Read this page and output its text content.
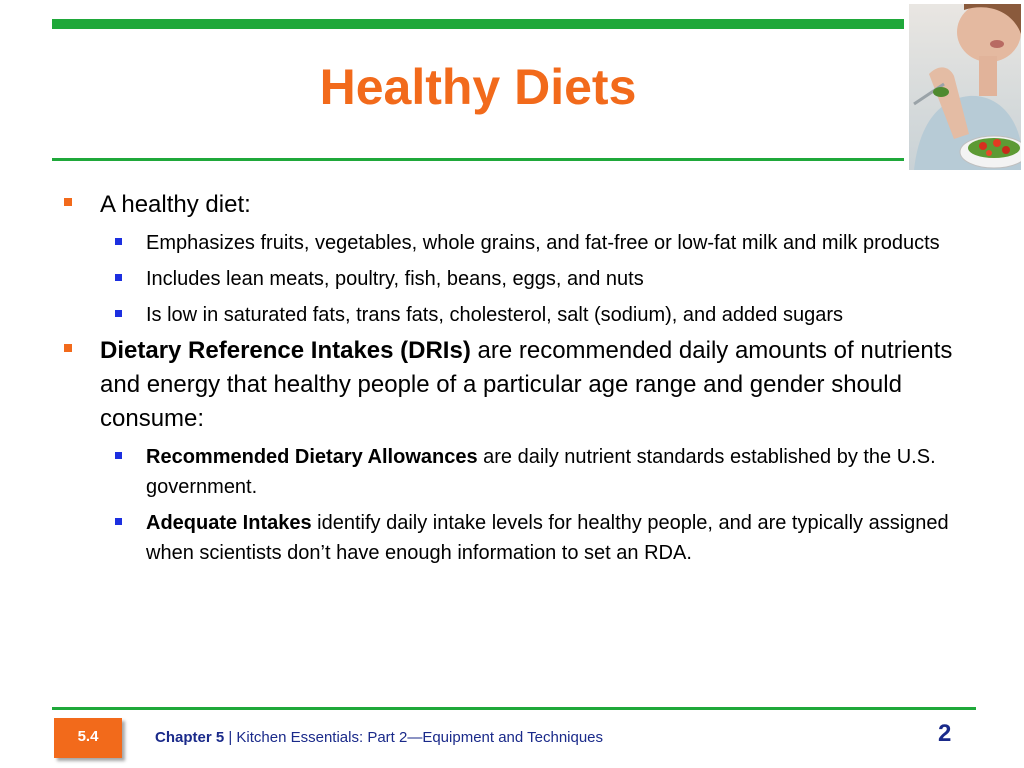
Healthy Diets
A healthy diet:
Emphasizes fruits, vegetables, whole grains, and fat-free or low-fat milk and milk products
Includes lean meats, poultry, fish, beans, eggs, and nuts
Is low in saturated fats, trans fats, cholesterol, salt (sodium), and added sugars
Dietary Reference Intakes (DRIs) are recommended daily amounts of nutrients and energy that healthy people of a particular age range and gender should consume:
Recommended Dietary Allowances are daily nutrient standards established by the U.S. government.
Adequate Intakes identify daily intake levels for healthy people, and are typically assigned when scientists don’t have enough information to set an RDA.
5.4	Chapter 5 | Kitchen Essentials: Part 2—Equipment and Techniques	2
